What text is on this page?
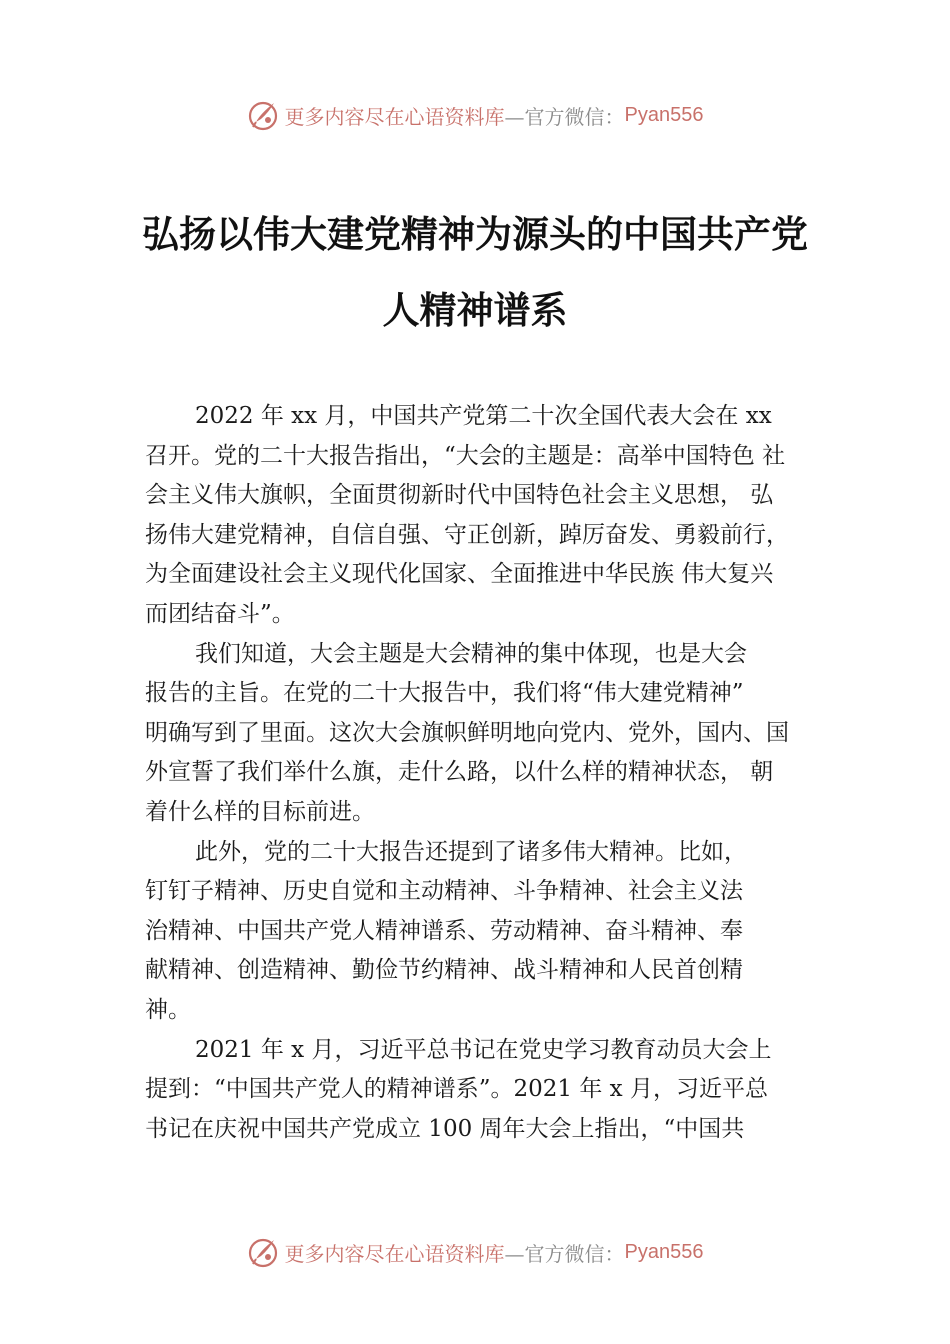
更多内容尽在心语资料库 —官方微信： Pyan556
弘扬以伟大建党精神为源头的中国共产党
人精神谱系
2022 年 xx 月，中国共产党第二十次全国代表大会在 xx
召开。党的二十大报告指出，“大会的主题是：高举中国特色 社
会主义伟大旗帜，全面贯彻新时代中国特色社会主义思想， 弘
扬伟大建党精神，自信自强、守正创新，踔厉奋发、勇毅前行，
为全面建设社会主义现代化国家、全面推进中华民族 伟大复兴
而团结奋斗”。
我们知道，大会主题是大会精神的集中体现，也是大会
报告的主旨。在党的二十大报告中，我们将“伟大建党精神”
明确写到了里面。这次大会旗帜鲜明地向党内、党外，国内、国
外宣誓了我们举什么旗，走什么路，以什么样的精神状态， 朝
着什么样的目标前进。
此外，党的二十大报告还提到了诸多伟大精神。比如，
钉钉子精神、历史自觉和主动精神、斗争精神、社会主义法
治精神、中国共产党人精神谱系、劳动精神、奋斗精神、奉
献精神、创造精神、勤俭节约精神、战斗精神和人民首创精
神。
2021 年 x 月，习近平总书记在党史学习教育动员大会上
提到：“中国共产党人的精神谱系”。2021 年 x 月，习近平总
书记在庆祝中国共产党成立 100 周年大会上指出，“中国共
更多内容尽在心语资料库 —官方微信： Pyan556
